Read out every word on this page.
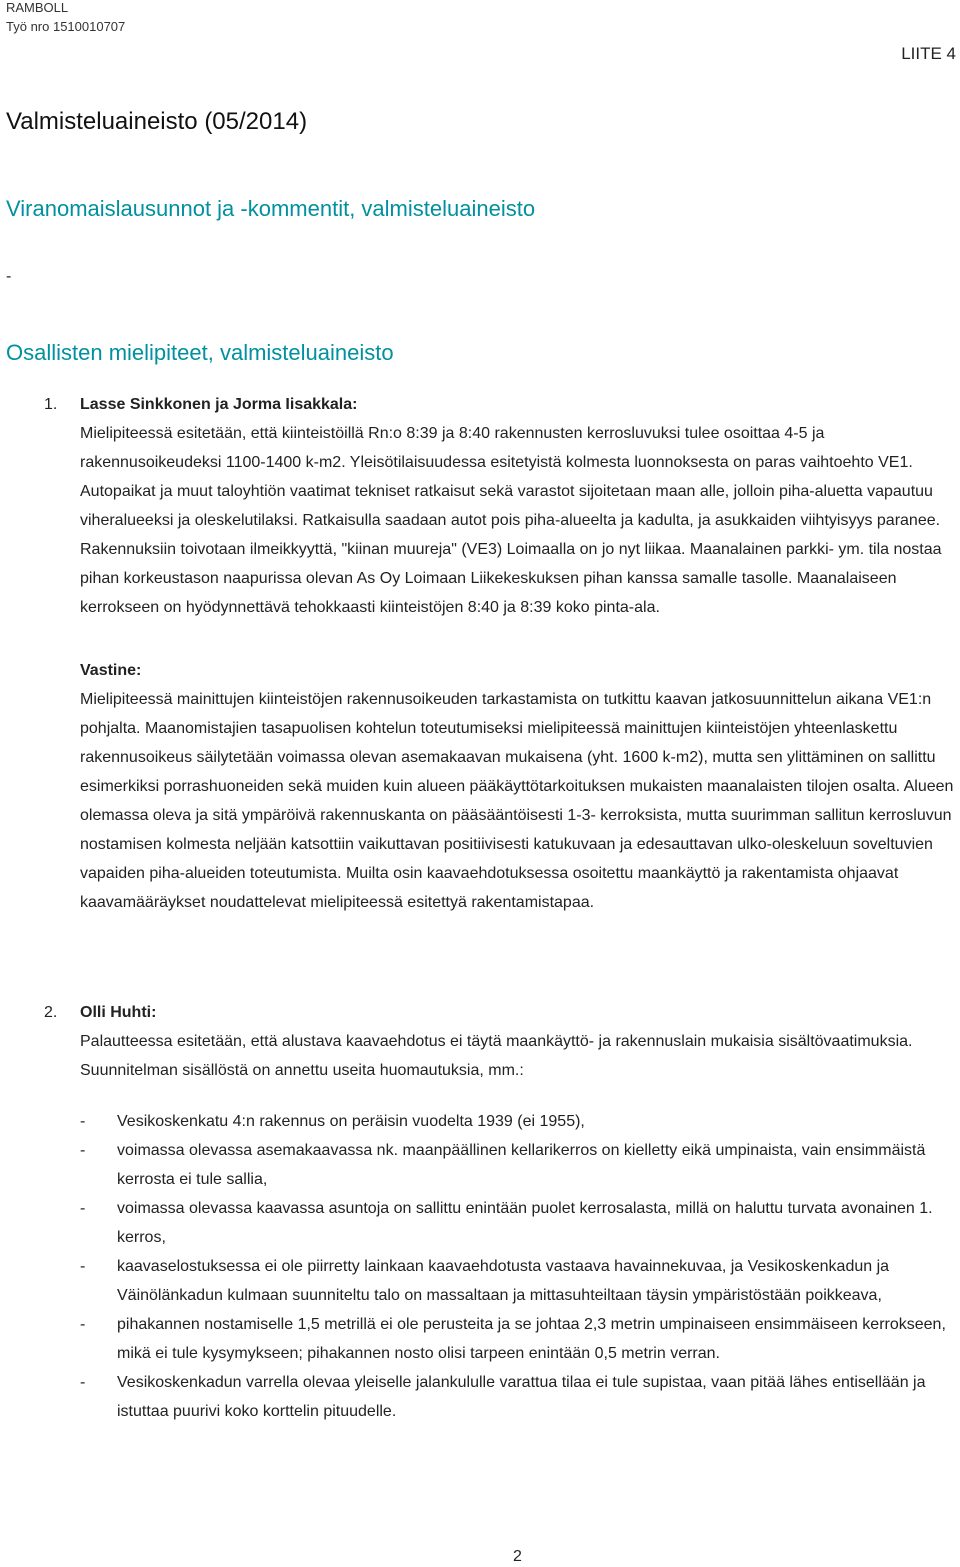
RAMBOLL
Työ nro 1510010707
LIITE 4
Valmisteluaineisto (05/2014)
Viranomaislausunnot ja -kommentit, valmisteluaineisto
-
Osallisten mielipiteet, valmisteluaineisto
1. Lasse Sinkkonen ja Jorma Iisakkala:
Mielipiteessä esitetään, että kiinteistöillä Rn:o 8:39 ja 8:40 rakennusten kerrosluvuksi tulee osoittaa 4-5 ja rakennusoikeudeksi 1100-1400 k-m2. Yleisötilaisuudessa esitetyistä kolmesta luonnoksesta on paras vaihtoehto VE1. Autopaikat ja muut taloyhtiön vaatimat tekniset ratkaisut sekä varastot sijoitetaan maan alle, jolloin piha-aluetta vapautuu viheralueeksi ja oleskelutilaksi. Ratkaisulla saadaan autot pois piha-alueelta ja kadulta, ja asukkaiden viihtyisyys paranee. Rakennuksiin toivotaan ilmeikkyyttä, "kiinan muureja" (VE3) Loimaalla on jo nyt liikaa. Maanalainen parkki- ym. tila nostaa pihan korkeustason naapurissa olevan As Oy Loimaan Liikekeskuksen pihan kanssa samalle tasolle. Maanalaiseen kerrokseen on hyödynnettävä tehokkaasti kiinteistöjen 8:40 ja 8:39 koko pinta-ala.
Vastine:
Mielipiteessä mainittujen kiinteistöjen rakennusoikeuden tarkastamista on tutkittu kaavan jatkosuunnittelun aikana VE1:n pohjalta. Maanomistajien tasapuolisen kohtelun toteutumiseksi mielipiteessä mainittujen kiinteistöjen yhteenlaskettu rakennusoikeus säilytetään voimassa olevan asemakaavan mukaisena (yht. 1600 k-m2), mutta sen ylittäminen on sallittu esimerkiksi porrashuoneiden sekä muiden kuin alueen pääkäyttötarkoituksen mukaisten maanalaisten tilojen osalta. Alueen olemassa oleva ja sitä ympäröivä rakennuskanta on pääsääntöisesti 1-3- kerroksista, mutta suurimman sallitun kerrosluvun nostamisen kolmesta neljään katsottiin vaikuttavan positiivisesti katukuvaan ja edesauttavan ulko-oleskeluun soveltuvien vapaiden piha-alueiden toteutumista. Muilta osin kaavaehdotuksessa osoitettu maankäyttö ja rakentamista ohjaavat kaavamääräykset noudattelevat mielipiteessä esitettyä rakentamistapaa.
2. Olli Huhti:
Palautteessa esitetään, että alustava kaavaehdotus ei täytä maankäyttö- ja rakennuslain mukaisia sisältövaatimuksia. Suunnitelman sisällöstä on annettu useita huomautuksia, mm.:
- Vesikoskenkatu 4:n rakennus on peräisin vuodelta 1939 (ei 1955),
- voimassa olevassa asemakaavassa nk. maanpäällinen kellarikerros on kielletty eikä umpinaista, vain ensimmäistä kerrosta ei tule sallia,
- voimassa olevassa kaavassa asuntoja on sallittu enintään puolet kerrosalasta, millä on haluttu turvata avonainen 1. kerros,
- kaavaselostuksessa ei ole piirretty lainkaan kaavaehdotusta vastaava havainnekuvaa, ja Vesikoskenkadun ja Väinölänkadun kulmaan suunniteltu talo on massaltaan ja mittasuhteiltaan täysin ympäristöstään poikkeava,
- pihakannen nostamiselle 1,5 metrillä ei ole perusteita ja se johtaa 2,3 metrin umpinaiseen ensimmäiseen kerrokseen, mikä ei tule kysymykseen; pihakannen nosto olisi tarpeen enintään 0,5 metrin verran.
- Vesikoskenkadun varrella olevaa yleiselle jalankululle varattua tilaa ei tule supistaa, vaan pitää lähes entisellään ja istuttaa puurivi koko korttelin pituudelle.
2
